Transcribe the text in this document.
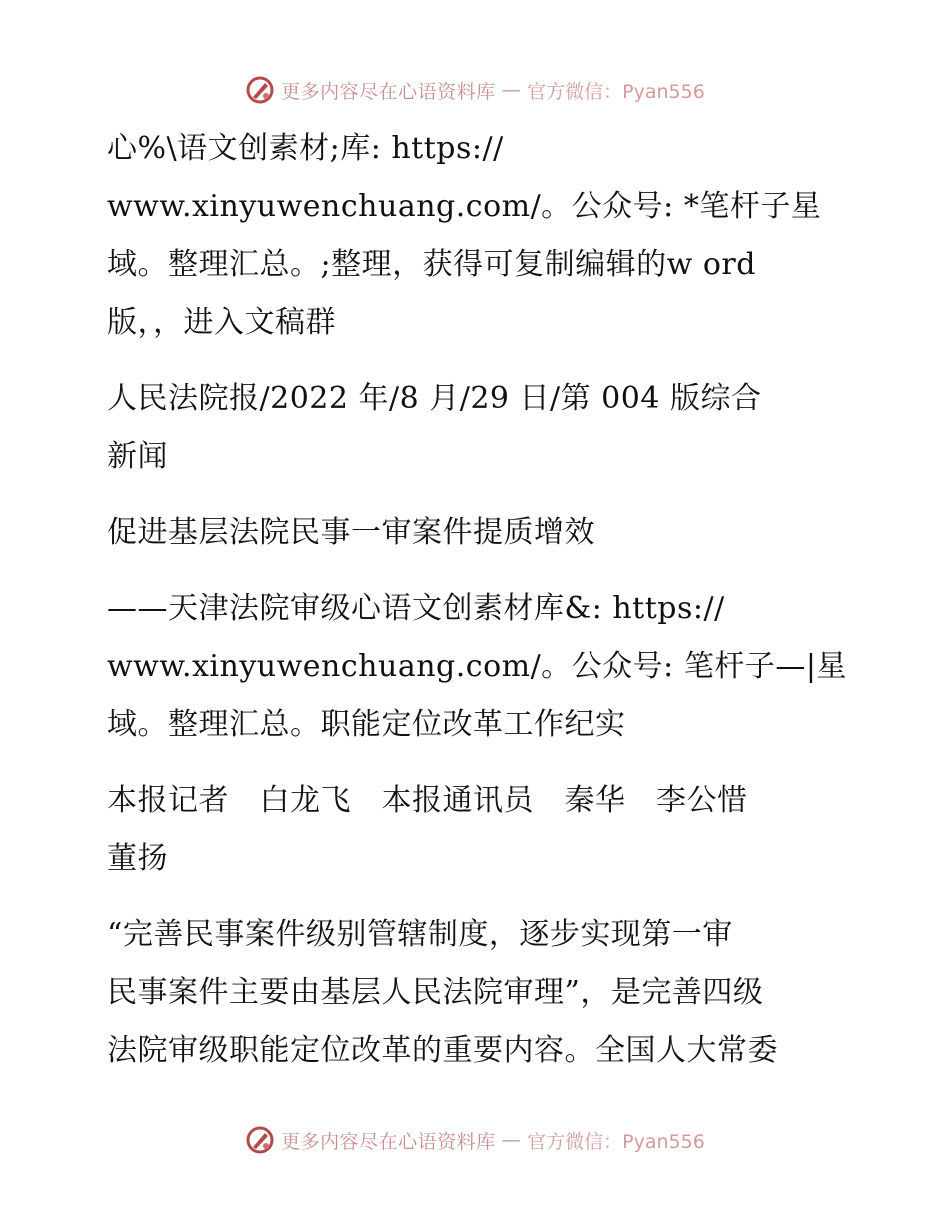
更多内容尽在心语资料库 — 官方微信：Pyan556

心%\语文创素材;库: https://
www.xinyuwenchuang.com/。公众号: *笔杆子星
域。整理汇总。;整理，获得可复制编辑的w ord
版，，进入文稿群

人民法院报/2022 年/8 月/29 日/第 004 版综合
新闻

促进基层法院民事一审案件提质增效

——天津法院审级心语文创素材库&: https://
www.xinyuwenchuang.com/。公众号: 笔杆子—|星
域。整理汇总。职能定位改革工作纪实

本报记者　白龙飞　本报通讯员　秦华　李公惜
董扬

“完善民事案件级别管辖制度，逐步实现第一审
民事案件主要由基层人民法院审理”，是完善四级
法院审级职能定位改革的重要内容。全国人大常委

更多内容尽在心语资料库 — 官方微信：Pyan556
